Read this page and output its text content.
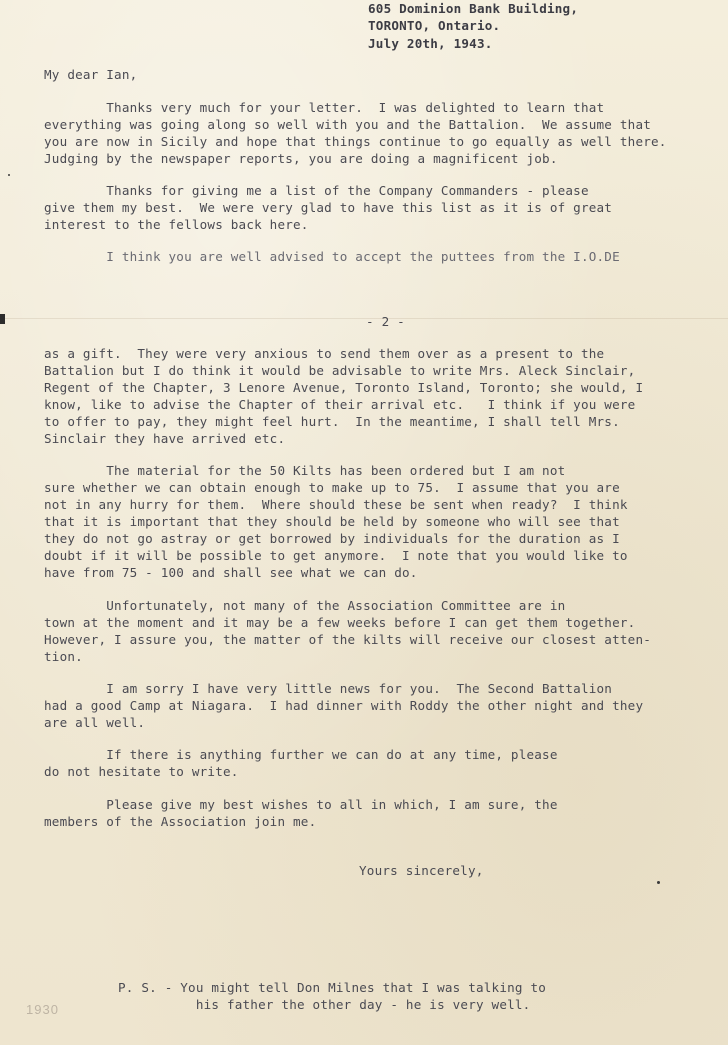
605 Dominion Bank Building,

TORONTO, Ontario.

July 20th, 1943.

My dear Ian,

Thanks very much for your letter.  I was delighted to learn that

everything was going along so well with you and the Battalion.  We assume that

you are now in Sicily and hope that things continue to go equally as well there.

Judging by the newspaper reports, you are doing a magnificent job.

Thanks for giving me a list of the Company Commanders - please

give them my best.  We were very glad to have this list as it is of great

interest to the fellows back here.

I think you are well advised to accept the puttees from the I.O.DE

- 2 -

as a gift.  They were very anxious to send them over as a present to the

Battalion but I do think it would be advisable to write Mrs. Aleck Sinclair,

Regent of the Chapter, 3 Lenore Avenue, Toronto Island, Toronto; she would, I

know, like to advise the Chapter of their arrival etc.   I think if you were

to offer to pay, they might feel hurt.  In the meantime, I shall tell Mrs.

Sinclair they have arrived etc.

The material for the 50 Kilts has been ordered but I am not

sure whether we can obtain enough to make up to 75.  I assume that you are

not in any hurry for them.  Where should these be sent when ready?  I think

that it is important that they should be held by someone who will see that

they do not go astray or get borrowed by individuals for the duration as I

doubt if it will be possible to get anymore.  I note that you would like to

have from 75 - 100 and shall see what we can do.

Unfortunately, not many of the Association Committee are in

town at the moment and it may be a few weeks before I can get them together.

However, I assure you, the matter of the kilts will receive our closest atten-

tion.

I am sorry I have very little news for you.  The Second Battalion

had a good Camp at Niagara.  I had dinner with Roddy the other night and they

are all well.

If there is anything further we can do at any time, please

do not hesitate to write.

Please give my best wishes to all in which, I am sure, the

members of the Association join me.

Yours sincerely,

P. S. - You might tell Don Milnes that I was talking to

his father the other day - he is very well.

1930
